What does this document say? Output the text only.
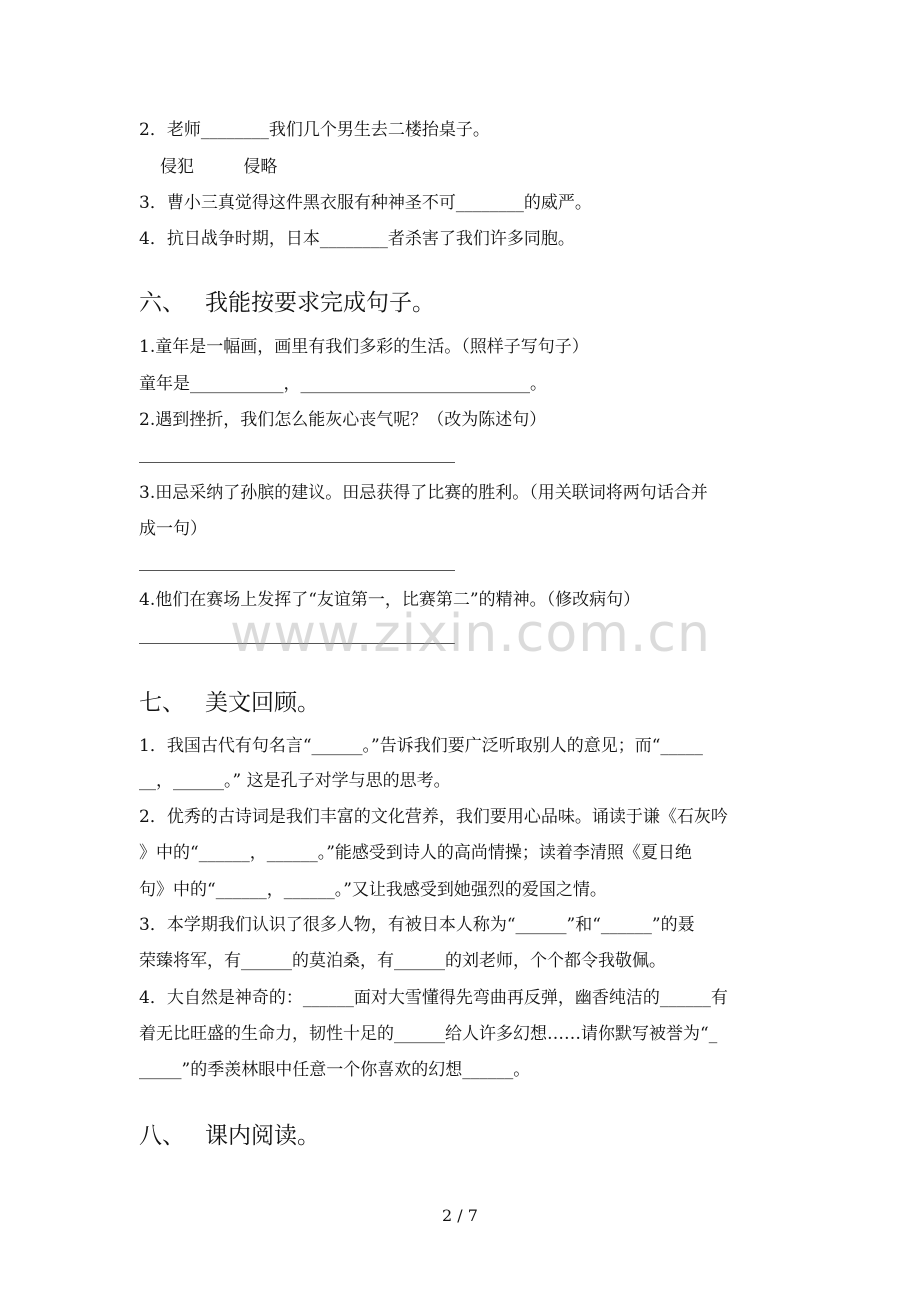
2．老师________我们几个男生去二楼抬桌子。
侵犯	侵略
3．曹小三真觉得这件黑衣服有种神圣不可________的威严。
4．抗日战争时期，日本________者杀害了我们许多同胞。
六、 我能按要求完成句子。
1.童年是一幅画，画里有我们多彩的生活。（照样子写句子）
童年是___________，___________________________。
2.遇到挫折，我们怎么能灰心丧气呢？（改为陈述句）
3.田忌采纳了孙膑的建议。田忌获得了比赛的胜利。（用关联词将两句话合并
成一句）
4.他们在赛场上发挥了“友谊第一，比赛第二”的精神。（修改病句）
七、 美文回顾。
1．我国古代有句名言“______。”告诉我们要广泛听取别人的意见；而“_____
__，______。” 这是孔子对学与思的思考。
2．优秀的古诗词是我们丰富的文化营养，我们要用心品味。诵读于谦《石灰吟
》中的“______，______。”能感受到诗人的高尚情操；读着李清照《夏日绝
句》中的“______，______。”又让我感受到她强烈的爱国之情。
3．本学期我们认识了很多人物，有被日本人称为“______”和“______”的聂
荣臻将军，有______的莫泊桑，有______的刘老师，个个都令我敬佩。
4．大自然是神奇的：______面对大雪懂得先弯曲再反弹，幽香纯洁的______有
着无比旺盛的生命力，韧性十足的______给人许多幻想……请你默写被誉为“_
_____”的季羡林眼中任意一个你喜欢的幻想______。
八、 课内阅读。
www.zixin.com.cn
2 / 7
